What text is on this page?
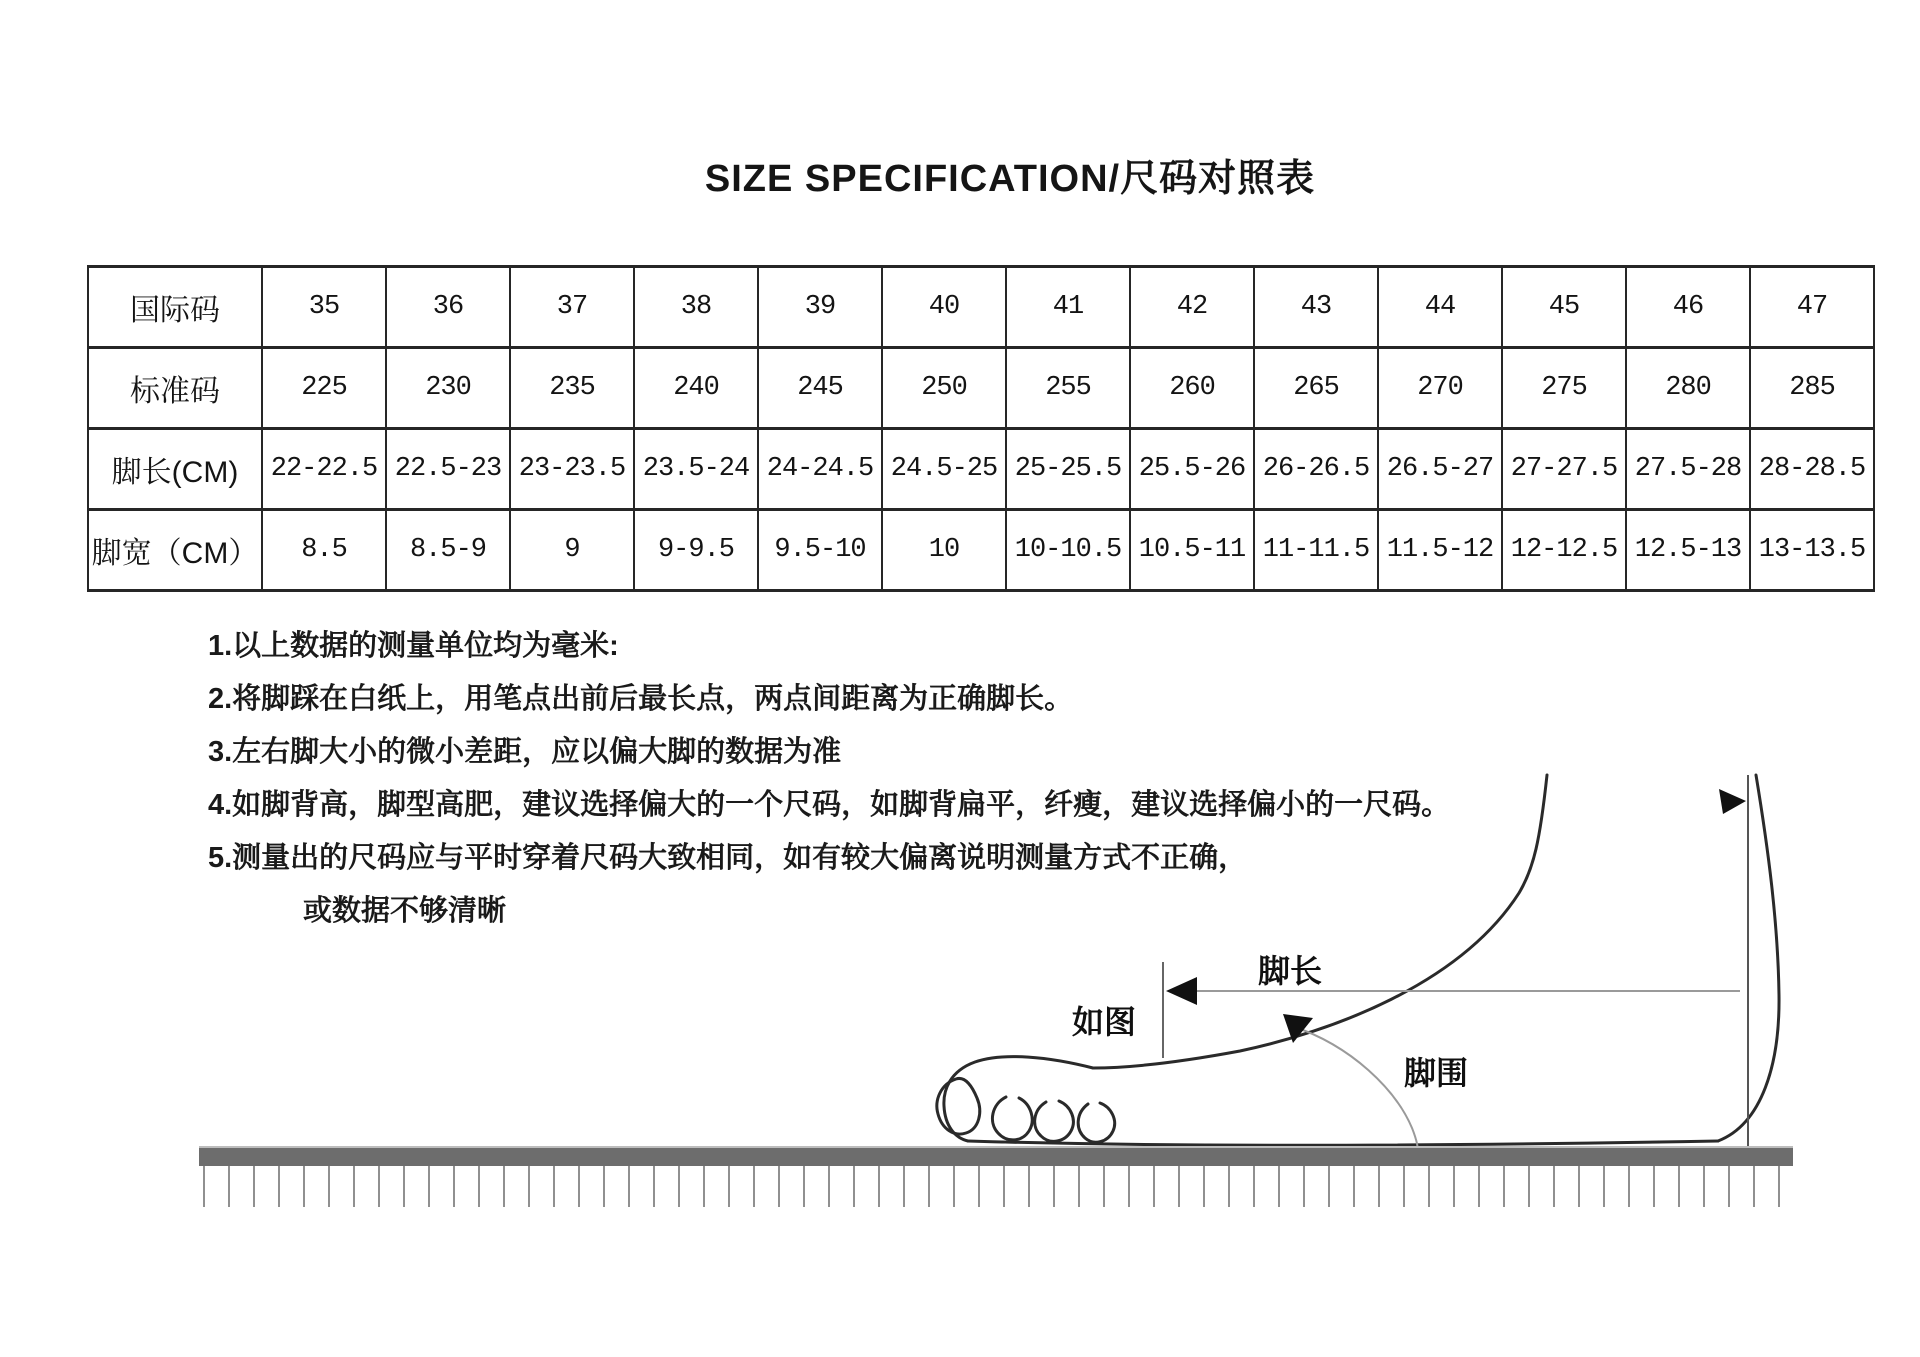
SIZE SPECIFICATION/尺码对照表
国际码	35	36	37	38	39	40	41	42	43	44	45	46	47
标准码	225	230	235	240	245	250	255	260	265	270	275	280	285
脚长(CM)	22-22.5	22.5-23	23-23.5	23.5-24	24-24.5	24.5-25	25-25.5	25.5-26	26-26.5	26.5-27	27-27.5	27.5-28	28-28.5
脚宽（CM）	8.5	8.5-9	9	9-9.5	9.5-10	10	10-10.5	10.5-11	11-11.5	11.5-12	12-12.5	12.5-13	13-13.5
1.以上数据的测量单位均为毫米:
2.将脚踩在白纸上，用笔点出前后最长点，两点间距离为正确脚长。
3.左右脚大小的微小差距，应以偏大脚的数据为准
4.如脚背高，脚型高肥，建议选择偏大的一个尺码，如脚背扁平，纤瘦，建议选择偏小的一尺码。
5.测量出的尺码应与平时穿着尺码大致相同，如有较大偏离说明测量方式不正确，
或数据不够清晰
如图
脚长
脚围
